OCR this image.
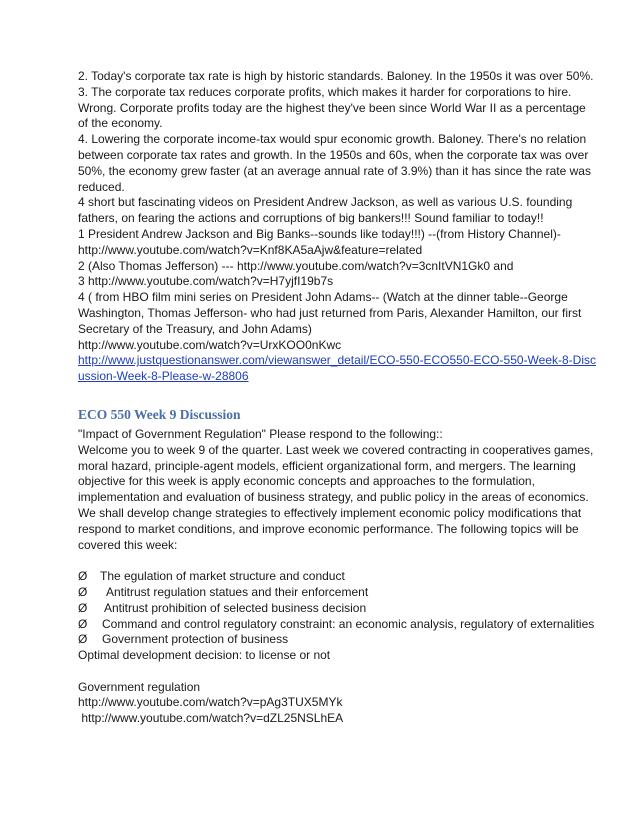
2. Today's corporate tax rate is high by historic standards. Baloney. In the 1950s it was over 50%.

3. The corporate tax reduces corporate profits, which makes it harder for corporations to hire. Wrong. Corporate profits today are the highest they've been since World War II as a percentage of the economy.

4. Lowering the corporate income-tax would spur economic growth. Baloney. There's no relation between corporate tax rates and growth. In the 1950s and 60s, when the corporate tax was over 50%, the economy grew faster (at an average annual rate of 3.9%) than it has since the rate was reduced.

4 short but fascinating videos on President Andrew Jackson, as well as various U.S. founding fathers, on fearing the actions and corruptions of big bankers!!! Sound familiar to today!!

1 President Andrew Jackson and Big Banks--sounds like today!!!) --(from History Channel)- http://www.youtube.com/watch?v=Knf8KA5aAjw&feature=related

2 (Also Thomas Jefferson) --- http://www.youtube.com/watch?v=3cnItVN1Gk0 and

3 http://www.youtube.com/watch?v=H7yjfI19b7s

4 ( from HBO film mini series on President John Adams-- (Watch at the dinner table--George Washington, Thomas Jefferson- who had just returned from Paris, Alexander Hamilton, our first Secretary of the Treasury, and John Adams)

http://www.youtube.com/watch?v=UrxKOO0nKwc

http://www.justquestionanswer.com/viewanswer_detail/ECO-550-ECO550-ECO-550-Week-8-Discussion-Week-8-Please-w-28806

ECO 550 Week 9 Discussion

"Impact of Government Regulation" Please respond to the following::

Welcome you to week 9 of the quarter. Last week we covered contracting in cooperatives games, moral hazard, principle-agent models, efficient organizational form, and mergers. The learning objective for this week is apply economic concepts and approaches to the formulation, implementation and evaluation of business strategy, and public policy in the areas of economics. We shall develop change strategies to effectively implement economic policy modifications that respond to market conditions, and improve economic performance. The following topics will be covered this week:

Ø	The egulation of market structure and conduct
Ø	Antitrust regulation statues and their enforcement
Ø	Antitrust prohibition of selected business decision
Ø	Command and control regulatory constraint: an economic analysis, regulatory of externalities
Ø	Government protection of business

Optimal development decision: to license or not

Government regulation

http://www.youtube.com/watch?v=pAg3TUX5MYk

http://www.youtube.com/watch?v=dZL25NSLhEA
